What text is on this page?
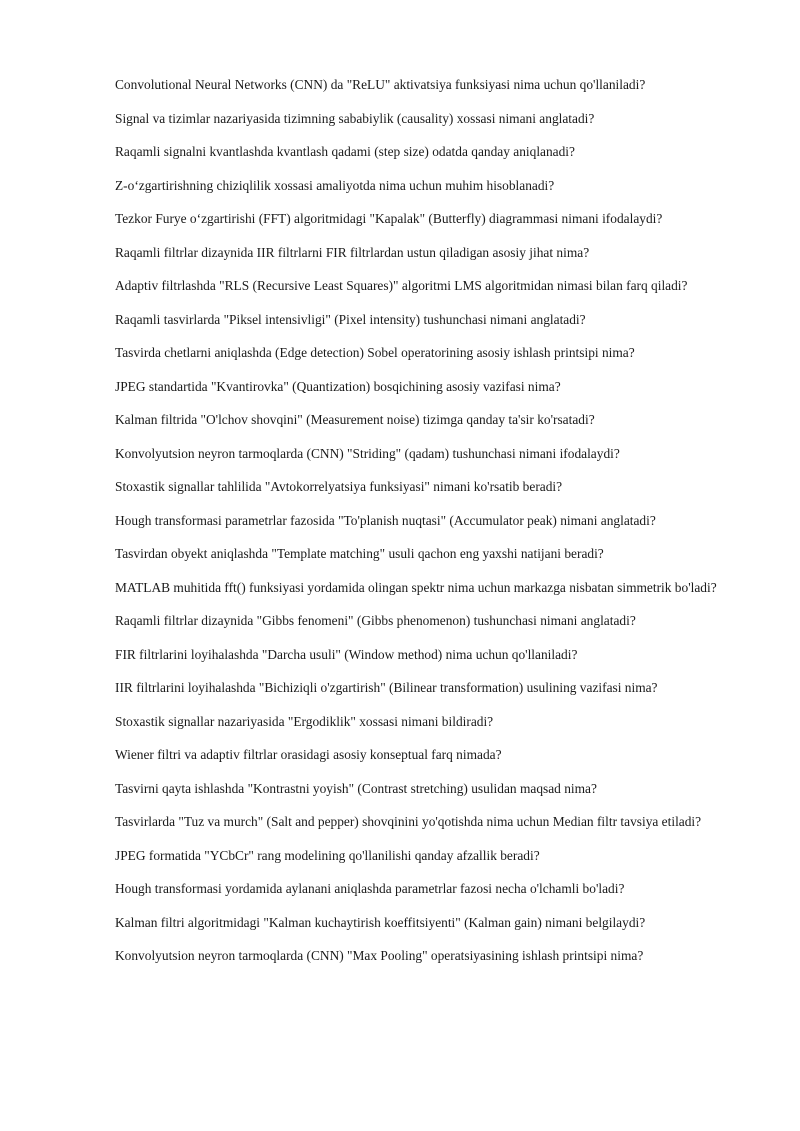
Convolutional Neural Networks (CNN) da "ReLU" aktivatsiya funksiyasi nima uchun qo'llaniladi?
Signal va tizimlar nazariyasida tizimning sababiylik (causality) xossasi nimani anglatadi?
Raqamli signalni kvantlashda kvantlash qadami (step size) odatda qanday aniqlanadi?
Z-o‘zgartirishning chiziqlilik xossasi amaliyotda nima uchun muhim hisoblanadi?
Tezkor Furye o‘zgartirishi (FFT) algoritmidagi "Kapalak" (Butterfly) diagrammasi nimani ifodalaydi?
Raqamli filtrlar dizaynida IIR filtrlarni FIR filtrlardan ustun qiladigan asosiy jihat nima?
Adaptiv filtrlashda "RLS (Recursive Least Squares)" algoritmi LMS algoritmidan nimasi bilan farq qiladi?
Raqamli tasvirlarda "Piksel intensivligi" (Pixel intensity) tushunchasi nimani anglatadi?
Tasvirda chetlarni aniqlashda (Edge detection) Sobel operatorining asosiy ishlash printsipi nima?
JPEG standartida "Kvantirovka" (Quantization) bosqichining asosiy vazifasi nima?
Kalman filtrida "O'lchov shovqini" (Measurement noise) tizimga qanday ta'sir ko'rsatadi?
Konvolyutsion neyron tarmoqlarda (CNN) "Striding" (qadam) tushunchasi nimani ifodalaydi?
Stoxastik signallar tahlilida "Avtokorrelyatsiya funksiyasi" nimani ko'rsatib beradi?
Hough transformasi parametrlar fazosida "To'planish nuqtasi" (Accumulator peak) nimani anglatadi?
Tasvirdan obyekt aniqlashda "Template matching" usuli qachon eng yaxshi natijani beradi?
MATLAB muhitida fft() funksiyasi yordamida olingan spektr nima uchun markazga nisbatan simmetrik bo'ladi?
Raqamli filtrlar dizaynida "Gibbs fenomeni" (Gibbs phenomenon) tushunchasi nimani anglatadi?
FIR filtrlarini loyihalashda "Darcha usuli" (Window method) nima uchun qo'llaniladi?
IIR filtrlarini loyihalashda "Bichiziqli o'zgartirish" (Bilinear transformation) usulining vazifasi nima?
Stoxastik signallar nazariyasida "Ergodiklik" xossasi nimani bildiradi?
Wiener filtri va adaptiv filtrlar orasidagi asosiy konseptual farq nimada?
Tasvirni qayta ishlashda "Kontrastni yoyish" (Contrast stretching) usulidan maqsad nima?
Tasvirlarda "Tuz va murch" (Salt and pepper) shovqinini yo'qotishda nima uchun Median filtr tavsiya etiladi?
JPEG formatida "YCbCr" rang modelining qo'llanilishi qanday afzallik beradi?
Hough transformasi yordamida aylanani aniqlashda parametrlar fazosi necha o'lchamli bo'ladi?
Kalman filtri algoritmidagi "Kalman kuchaytirish koeffitsiyenti" (Kalman gain) nimani belgilaydi?
Konvolyutsion neyron tarmoqlarda (CNN) "Max Pooling" operatsiyasining ishlash printsipi nima?
